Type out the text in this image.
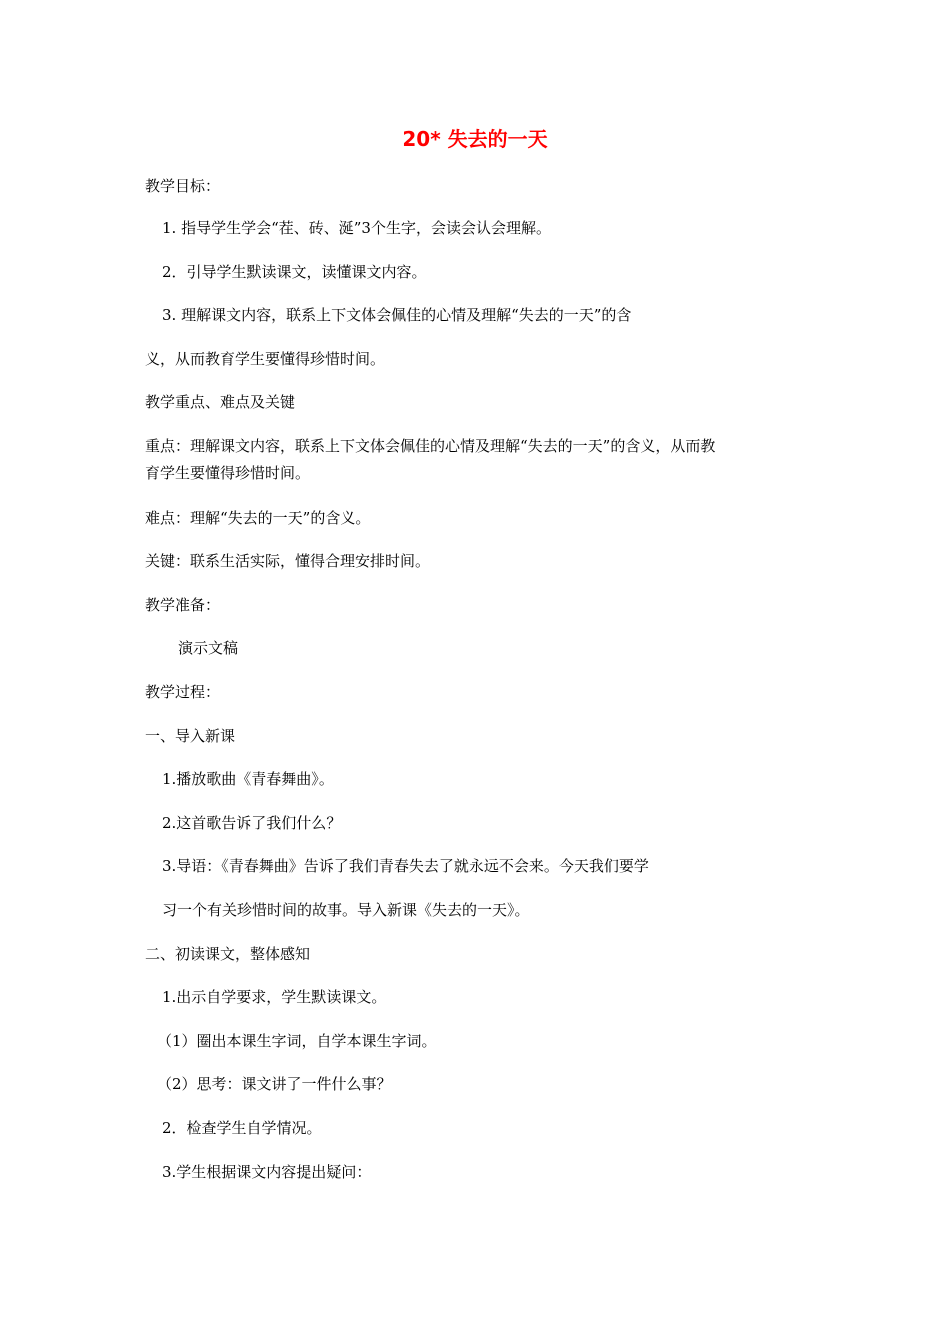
20* 失去的一天
教学目标：
1. 指导学生学会“茬、砖、涎”3个生字，会读会认会理解。
2．引导学生默读课文，读懂课文内容。
3. 理解课文内容，联系上下文体会佩佳的心情及理解“失去的一天”的含
义，从而教育学生要懂得珍惜时间。
教学重点、难点及关键
重点：理解课文内容，联系上下文体会佩佳的心情及理解“失去的一天”的含义，从而教
育学生要懂得珍惜时间。
难点：理解“失去的一天”的含义。
关键：联系生活实际，懂得合理安排时间。
教学准备：
演示文稿
教学过程：
一、导入新课
1.播放歌曲《青春舞曲》。
2.这首歌告诉了我们什么？
3.导语：《青春舞曲》告诉了我们青春失去了就永远不会来。今天我们要学
习一个有关珍惜时间的故事。导入新课《失去的一天》。
二、初读课文，整体感知
1.出示自学要求，学生默读课文。
（1）圈出本课生字词，自学本课生字词。
（2）思考：课文讲了一件什么事？
2．检查学生自学情况。
3.学生根据课文内容提出疑问：
